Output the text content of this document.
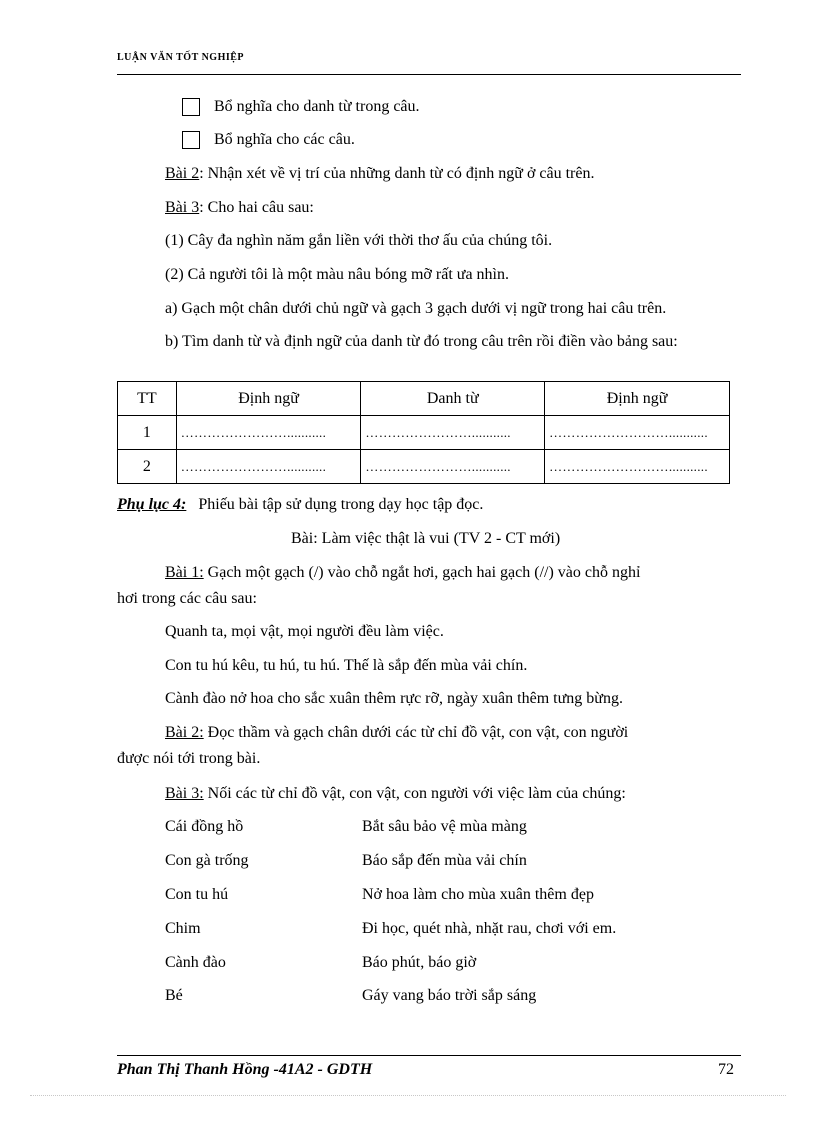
LUẬN VĂN TỐT NGHIỆP
Bổ nghĩa cho danh từ trong câu.
Bổ nghĩa cho các câu.
Bài 2: Nhận xét về vị trí của những danh từ có định ngữ ở câu trên.
Bài 3: Cho hai câu sau:
(1) Cây đa nghìn năm gắn liền với thời thơ ấu của chúng tôi.
(2) Cả người tôi là một màu nâu bóng mỡ rất ưa nhìn.
a) Gạch một chân dưới chủ ngữ và gạch 3 gạch dưới vị ngữ trong hai câu trên.
b) Tìm danh từ và định ngữ của danh từ đó trong câu trên rồi điền vào bảng sau:
TT	Định ngữ	Danh từ	Định ngữ
1	……………………...........	……………………...........	………………………...........
2	……………………...........	……………………...........	………………………...........
Phụ lục 4: Phiếu bài tập sử dụng trong dạy học tập đọc.
Bài: Làm việc thật là vui (TV 2 - CT mới)
Bài 1: Gạch một gạch (/) vào chỗ ngắt hơi, gạch hai gạch (//) vào chỗ nghỉ
hơi trong các câu sau:
Quanh ta, mọi vật, mọi người đều làm việc.
Con tu hú kêu, tu hú, tu hú. Thế là sắp đến mùa vải chín.
Cành đào nở hoa cho sắc xuân thêm rực rỡ, ngày xuân thêm tưng bừng.
Bài 2: Đọc thầm và gạch chân dưới các từ chỉ đồ vật, con vật, con người
được nói tới trong bài.
Bài 3: Nối các từ chỉ đồ vật, con vật, con người với việc làm của chúng:
Cái đồng hồ	Bắt sâu bảo vệ mùa màng
Con gà trống	Báo sắp đến mùa vải chín
Con tu hú	Nở hoa làm cho mùa xuân thêm đẹp
Chim	Đi học, quét nhà, nhặt rau, chơi với em.
Cành đào	Báo phút, báo giờ
Bé	Gáy vang báo trời sắp sáng
Phan Thị Thanh Hồng -41A2 - GDTH	72
